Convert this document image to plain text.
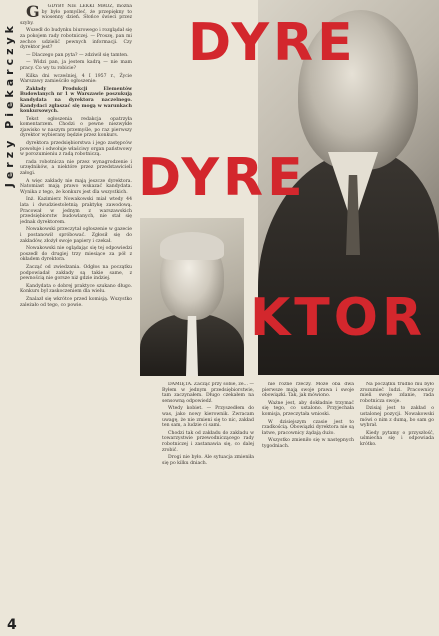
Jerzy Piekarczyk

G GDYBY NIE LEKKI MRÓZ, można by było pomyśleć, że przepiękny to wiosenny dzień. Słońce świeci przez szyby.

Wszedł do budynku biurowego i rozglądał się za pokojem rady robotniczej. — Proszę, pan mi zechce udzielić pewnych informacji. Czy dyrektor jest?

— Dlaczego pan pyta? — zdziwił się tamten.

— Widzi pan, ja jestem kadrą — nie mam pracy. Co wy tu robicie?

Kilka dni wcześniej, 4 I 1957 r., Życie Warszawy zamieściło ogłoszenie:

Zakłady Produkcji Elementów Budowlanych nr 1 w Warszawie poszukują kandydata na dyrektora naczelnego. Kandydaci zgłaszać się mogą w warunkach konkursowych.

Tekst ogłoszenia redakcja opatrzyła komentarzem. Chodzi o pewne niezwykłe zjawisko w naszym przemyśle, po raz pierwszy dyrektor wybierany będzie przez konkurs.

dyrektora przedsiębiorstwa i jego zastępców powołuje i odwołuje właściwy organ państwowy w porozumieniu z radą robotniczą.

rada robotnicza nie przez wynagrodzenie i urzędników, a niektóre przez przedstawicieli załogi.

A więc zakłady nie mają jeszcze dyrektora. Natomiast mają prawo wskazać kandydata. Wynika z tego, że konkurs jest dla wszystkich.

Inż. Kazimierz Nowakowski miał wtedy 44 lata i dwudziestoletnią praktykę zawodową. Pracował w jednym z warszawskich przedsiębiorstw budowlanych, nie stał się jednak dyrektorem.

Nowakowski przeczytał ogłoszenie w gazecie i postanowił spróbować. Zgłosił się do zakładów, złożył swoje papiery i czekał.

Nowakowski nie oglądając się tej odpowiedzi poszedł do drugiej trzy miesiące za pół z okładem dyrektora.

Zacząć od zwiedzania. Odgłos na początku podpowiadał zakłady są takie same, z pewnością nie gorsze niż gdzie indziej.

Kandydata o dobrej praktyce szukano długo. Konkurs był zaskoczeniem dla wielu.

Znalazł się wkrótce przed komisją. Wszystko zależało od tego, co powie.

DYRE
DYRE
KTOR

DAMIĘTA. Zacząć przy sobie, że... — Byłem w jednym przedsiębiorstwie, tam zaczynałem. Długo czekałem na sensowną odpowiedź.

Wtedy kobiet. — Przyszedłem do was, jako nowy kierownik. Zwracam uwagę, że nie zmieni się to nic, zakład ten sam, a ludzie ci sami.

Chodzi tak od zakładu do zakładu w towarzystwie przewodniczącego rady robotniczej i zastanawia się, co dalej zrobić.

Drogi nie było. Ale sytuacja zmieniła się po kilku dniach.

nie różne rzeczy. Może oba dwa pierwsze mają swoje prawa i swoje obowiązki. Tak, jak mówiono.

Ważne jest, aby dokładnie trzymać się tego, co ustalono. Przyjechała komisja, przeczytała wnioski.

W dzisiejszym czasie jest to rzadkością. Obowiązki dyrektora nie są łatwe, pracownicy żądają dużo.

Wszystko zmieniło się w następnych tygodniach.

Na początku trudno mu było zrozumieć ludzi. Pracownicy mieli swoje zdanie, rada robotnicza swoje.

Dzisiaj jest to zakład o ustalonej pozycji. Nowakowski mówi o nim z dumą, bo sam go wybrał.

Kiedy pytamy o przyszłość, uśmiecha się i odpowiada krótko.

4
